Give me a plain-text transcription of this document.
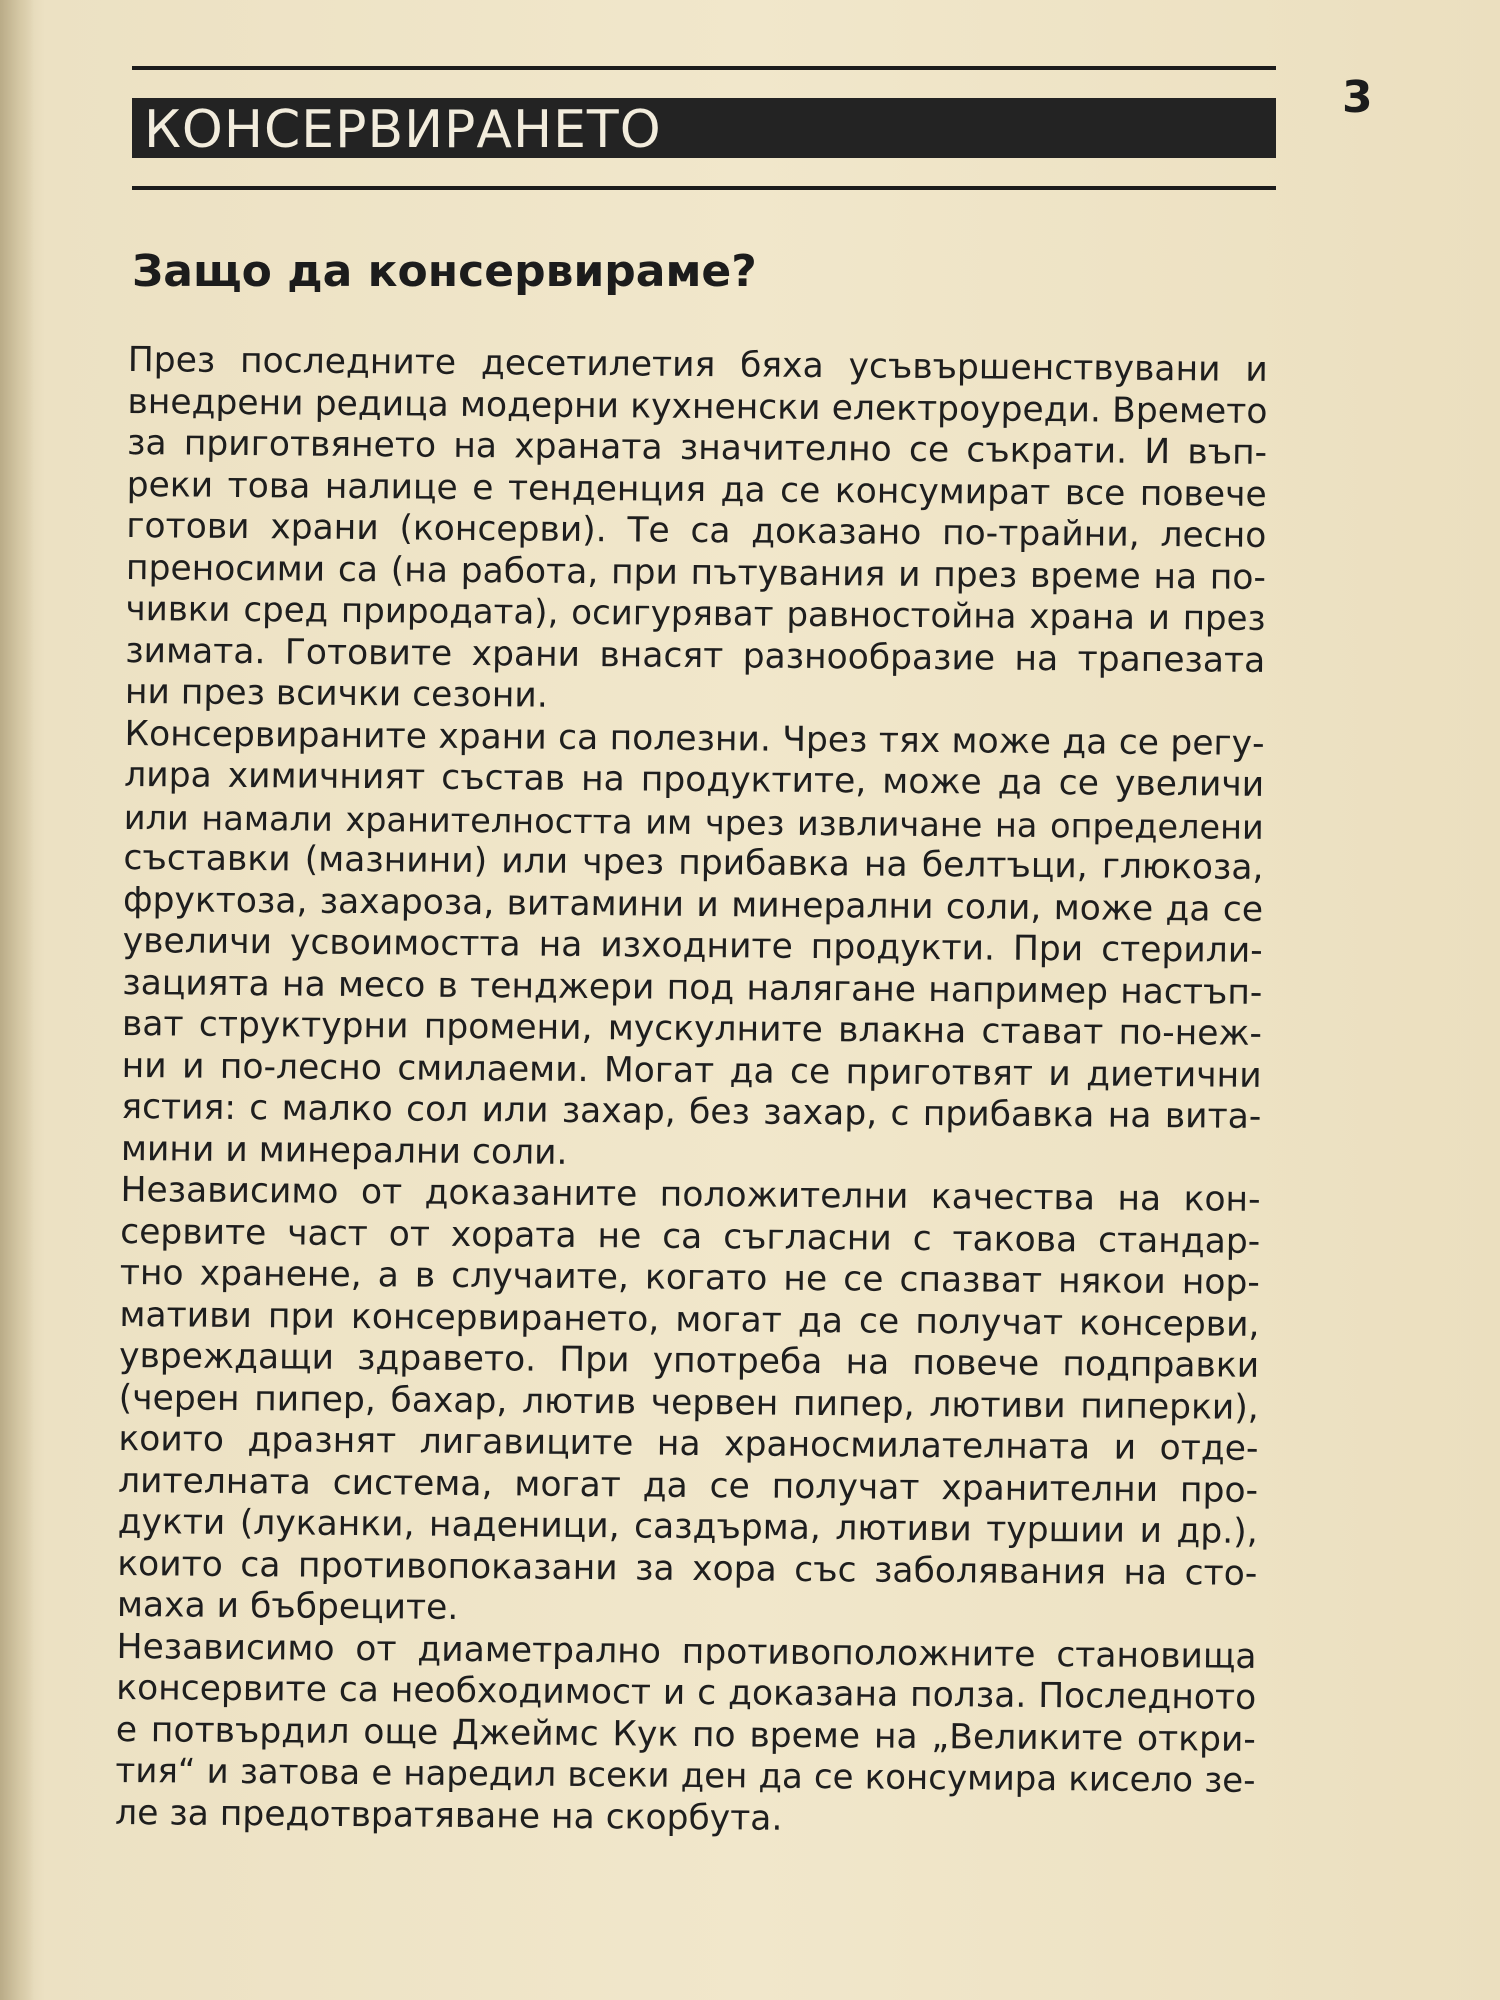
КОНСЕРВИРАНЕТО
3
Защо да консервираме?
През последните десетилетия бяха усъвършенствувани и
внедрени редица модерни кухненски електроуреди. Времето
за приготвянето на храната значително се съкрати. И въп-
реки това налице е тенденция да се консумират все повече
готови храни (консерви). Те са доказано по-трайни, лесно
преносими са (на работа, при пътувания и през време на по-
чивки сред природата), осигуряват равностойна храна и през
зимата. Готовите храни внасят разнообразие на трапезата
ни през всички сезони.
Консервираните храни са полезни. Чрез тях може да се регу-
лира химичният състав на продуктите, може да се увеличи
или намали хранителността им чрез извличане на определени
съставки (мазнини) или чрез прибавка на белтъци, глюкоза,
фруктоза, захароза, витамини и минерални соли, може да се
увеличи усвоимостта на изходните продукти. При стерили-
зацията на месо в тенджери под налягане например настъп-
ват структурни промени, мускулните влакна стават по-неж-
ни и по-лесно смилаеми. Могат да се приготвят и диетични
ястия: с малко сол или захар, без захар, с прибавка на вита-
мини и минерални соли.
Независимо от доказаните положителни качества на кон-
сервите част от хората не са съгласни с такова стандар-
тно хранене, а в случаите, когато не се спазват някои нор-
мативи при консервирането, могат да се получат консерви,
увреждащи здравето. При употреба на повече подправки
(черен пипер, бахар, лютив червен пипер, лютиви пиперки),
които дразнят лигавиците на храносмилателната и отде-
лителната система, могат да се получат хранителни про-
дукти (луканки, наденици, саздърма, лютиви туршии и др.),
които са противопоказани за хора със заболявания на сто-
маха и бъбреците.
Независимо от диаметрално противоположните становища
консервите са необходимост и с доказана полза. Последното
е потвърдил още Джеймс Кук по време на „Великите откри-
тия“ и затова е наредил всеки ден да се консумира кисело зе-
ле за предотвратяване на скорбута.
